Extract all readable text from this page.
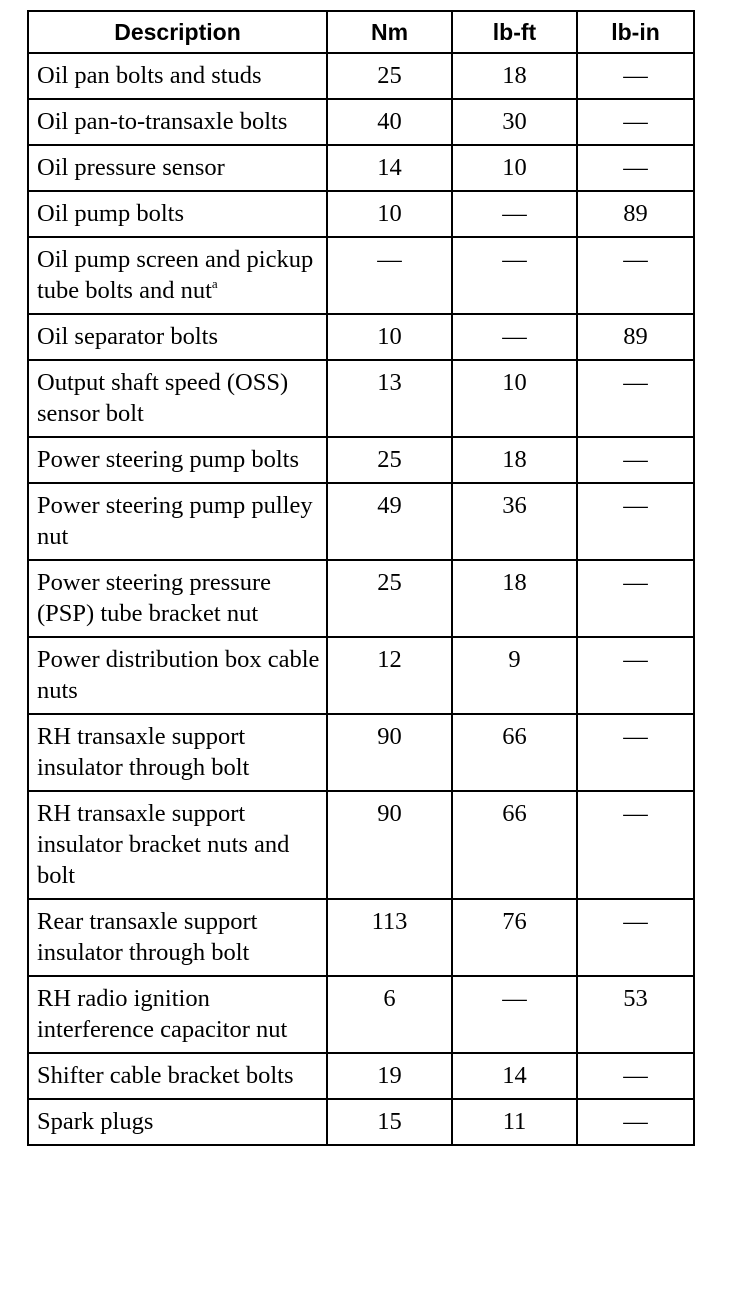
Description	Nm	lb-ft	lb-in
Oil pan bolts and studs	25	18	—
Oil pan-to-transaxle bolts	40	30	—
Oil pressure sensor	14	10	—
Oil pump bolts	10	—	89
Oil pump screen and pickup tube bolts and nut$^a$	—	—	—
Oil separator bolts	10	—	89
Output shaft speed (OSS) sensor bolt	13	10	—
Power steering pump bolts	25	18	—
Power steering pump pulley nut	49	36	—
Power steering pressure (PSP) tube bracket nut	25	18	—
Power distribution box cable nuts	12	9	—
RH transaxle support insulator through bolt	90	66	—
RH transaxle support insulator bracket nuts and bolt	90	66	—
Rear transaxle support insulator through bolt	113	76	—
RH radio ignition interference capacitor nut	6	—	53
Shifter cable bracket bolts	19	14	—
Spark plugs	15	11	—
